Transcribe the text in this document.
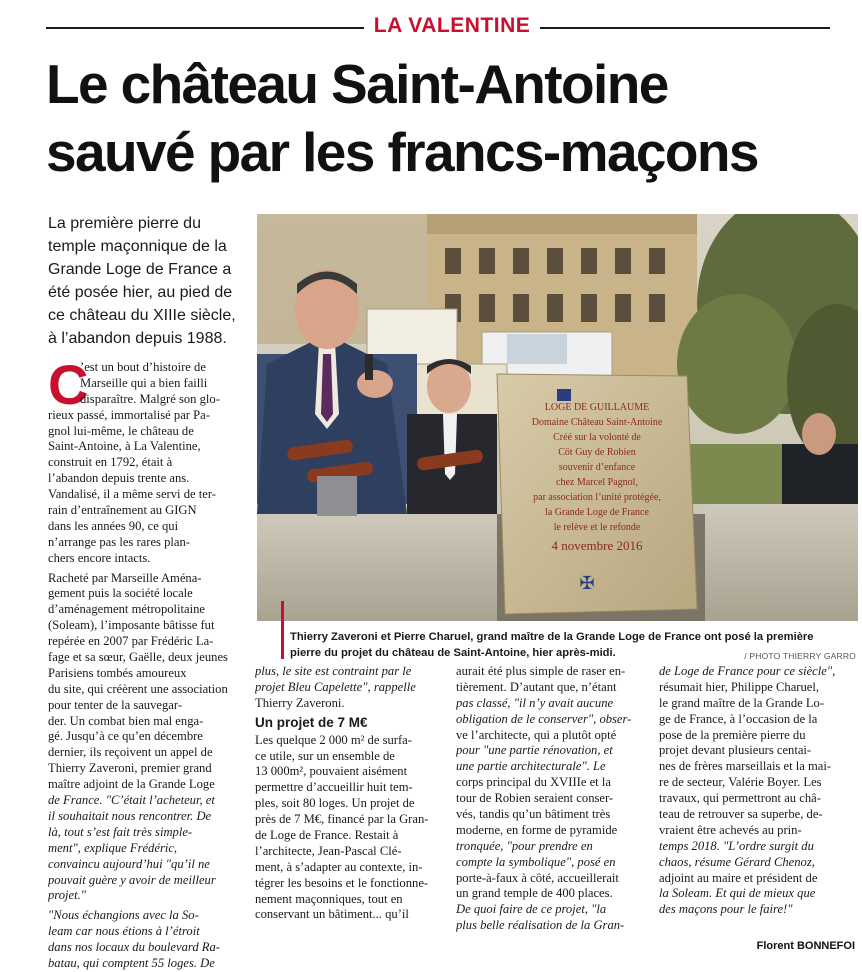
LA VALENTINE
Le château Saint-Antoine
sauvé par les francs-maçons
La première pierre du
temple maçonnique de la
Grande Loge de France a
été posée hier, au pied de
ce château du XIIIe siècle,
à l’abandon depuis 1988.
LOGE DE GUILLAUME Domaine Château Saint-Antoine Créé sur la volonté de Cöt Guy de Robien souvenir d’enfance chez Marcel Pagnol, par association l’unité protégée, la Grande Loge de France le relève et le refonde 4 novembre 2016
✠
Thierry Zaveroni et Pierre Charuel, grand maître de la Grande Loge de France ont posé la première
pierre du projet du château de Saint-Antoine, hier après-midi.	/ PHOTO THIERRY GARRO
C
’est un bout d’histoire de
Marseille qui a bien failli
disparaître. Malgré son glo-
rieux passé, immortalisé par Pa-
gnol lui-même, le château de
Saint-Antoine, à La Valentine,
construit en 1792, était à
l’abandon depuis trente ans.
Vandalisé, il a même servi de ter-
rain d’entraînement au GIGN
dans les années 90, ce qui
n’arrange pas les rares plan-
chers encore intacts.
Racheté par Marseille Aména-
gement puis la société locale
d’aménagement métropolitaine
(Soleam), l’imposante bâtisse fut
repérée en 2007 par Frédéric La-
fage et sa sœur, Gaëlle, deux jeunes
Parisiens tombés amoureux
du site, qui créèrent une association
pour tenter de la sauvegar-
der. Un combat bien mal enga-
gé. Jusqu’à ce qu’en décembre
dernier, ils reçoivent un appel de
Thierry Zaveroni, premier grand
maître adjoint de la Grande Loge
de France. "C’était l’acheteur, et
il souhaitait nous rencontrer. De
là, tout s’est fait très simple-
ment", explique Frédéric,
convaincu aujourd’hui "qu’il ne
pouvait guère y avoir de meilleur
projet."
"Nous échangions avec la So-
leam car nous étions à l’étroit
dans nos locaux du boulevard Ra-
batau, qui comptent 55 loges. De
plus, le site est contraint par le
projet Bleu Capelette", rappelle
Thierry Zaveroni.
Un projet de 7 M€
Les quelque 2 000 m² de surfa-
ce utile, sur un ensemble de
13 000m², pouvaient aisément
permettre d’accueillir huit tem-
ples, soit 80 loges. Un projet de
près de 7 M€, financé par la Gran-
de Loge de France. Restait à
l’architecte, Jean-Pascal Clé-
ment, à s’adapter au contexte, in-
tégrer les besoins et le fonctionne-
nement maçonniques, tout en
conservant un bâtiment... qu’il
aurait été plus simple de raser en-
tièrement. D’autant que, n’étant
pas classé, "il n’y avait aucune
obligation de le conserver", obser-
ve l’architecte, qui a plutôt opté
pour "une partie rénovation, et
une partie architecturale". Le
corps principal du XVIIIe et la
tour de Robien seraient conser-
vés, tandis qu’un bâtiment très
moderne, en forme de pyramide
tronquée, "pour prendre en
compte la symbolique", posé en
porte-à-faux à côté, accueillerait
un grand temple de 400 places.
De quoi faire de ce projet, "la
plus belle réalisation de la Gran-
de Loge de France pour ce siècle",
résumait hier, Philippe Charuel,
le grand maître de la Grande Lo-
ge de France, à l’occasion de la
pose de la première pierre du
projet devant plusieurs centai-
nes de frères marseillais et la mai-
re de secteur, Valérie Boyer. Les
travaux, qui permettront au châ-
teau de retrouver sa superbe, de-
vraient être achevés au prin-
temps 2018. "L’ordre surgit du
chaos, résume Gérard Chenoz,
adjoint au maire et président de
la Soleam. Et qui de mieux que
des maçons pour le faire!"
Florent BONNEFOI
